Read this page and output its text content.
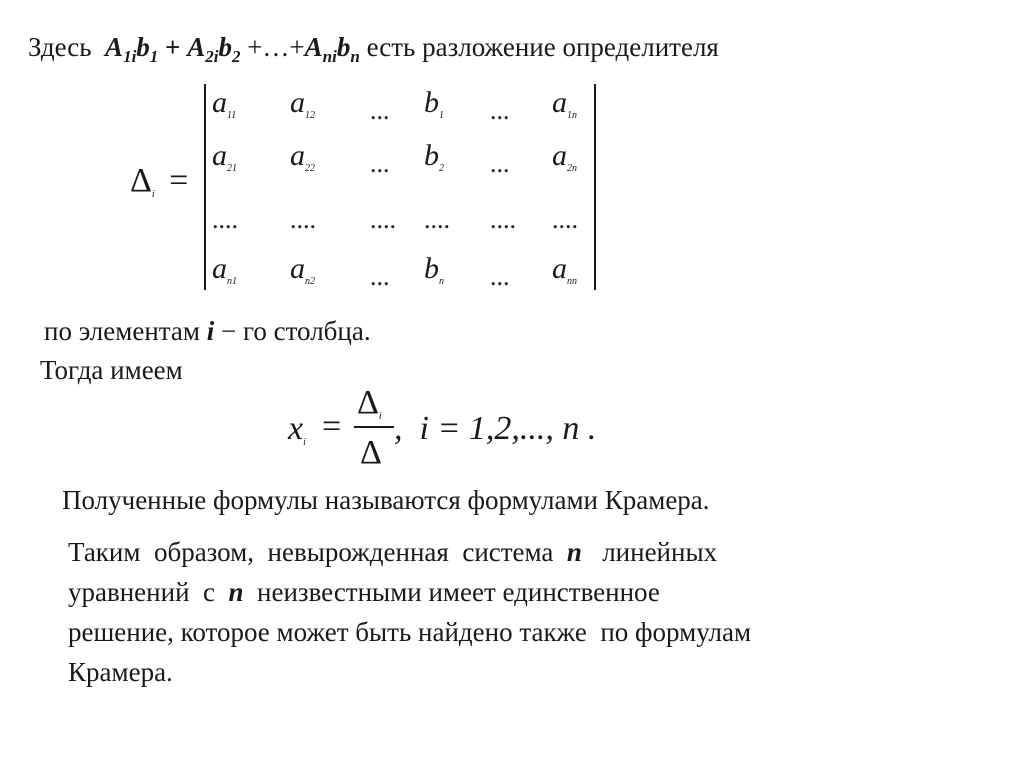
Здесь $A_{1i}b_1 + A_{2i}b_2$ $+\dots+A_{ni}b_n$ есть разложение определителя
$\Delta_i$ =
$a_{11}$ $a_{12}$ ... $b_1$ ... $a_{1n}$
$a_{21}$ $a_{22}$ ... $b_2$ ... $a_{2n}$
.... .... .... .... .... ....
$a_{n1}$ $a_{n2}$ ... $b_n$ ... $a_{nn}$
по элементам i − го столбца.
Тогда имеем
$x_i$ =
$\Delta_i$
Δ
,  i = 1,2,..., n .
Полученные формулы называются формулами Крамера.
Таким  образом,  невырожденная  система n линейных
уравнений  с n неизвестными имеет единственное
решение, которое может быть найдено также  по формулам
Крамера.
